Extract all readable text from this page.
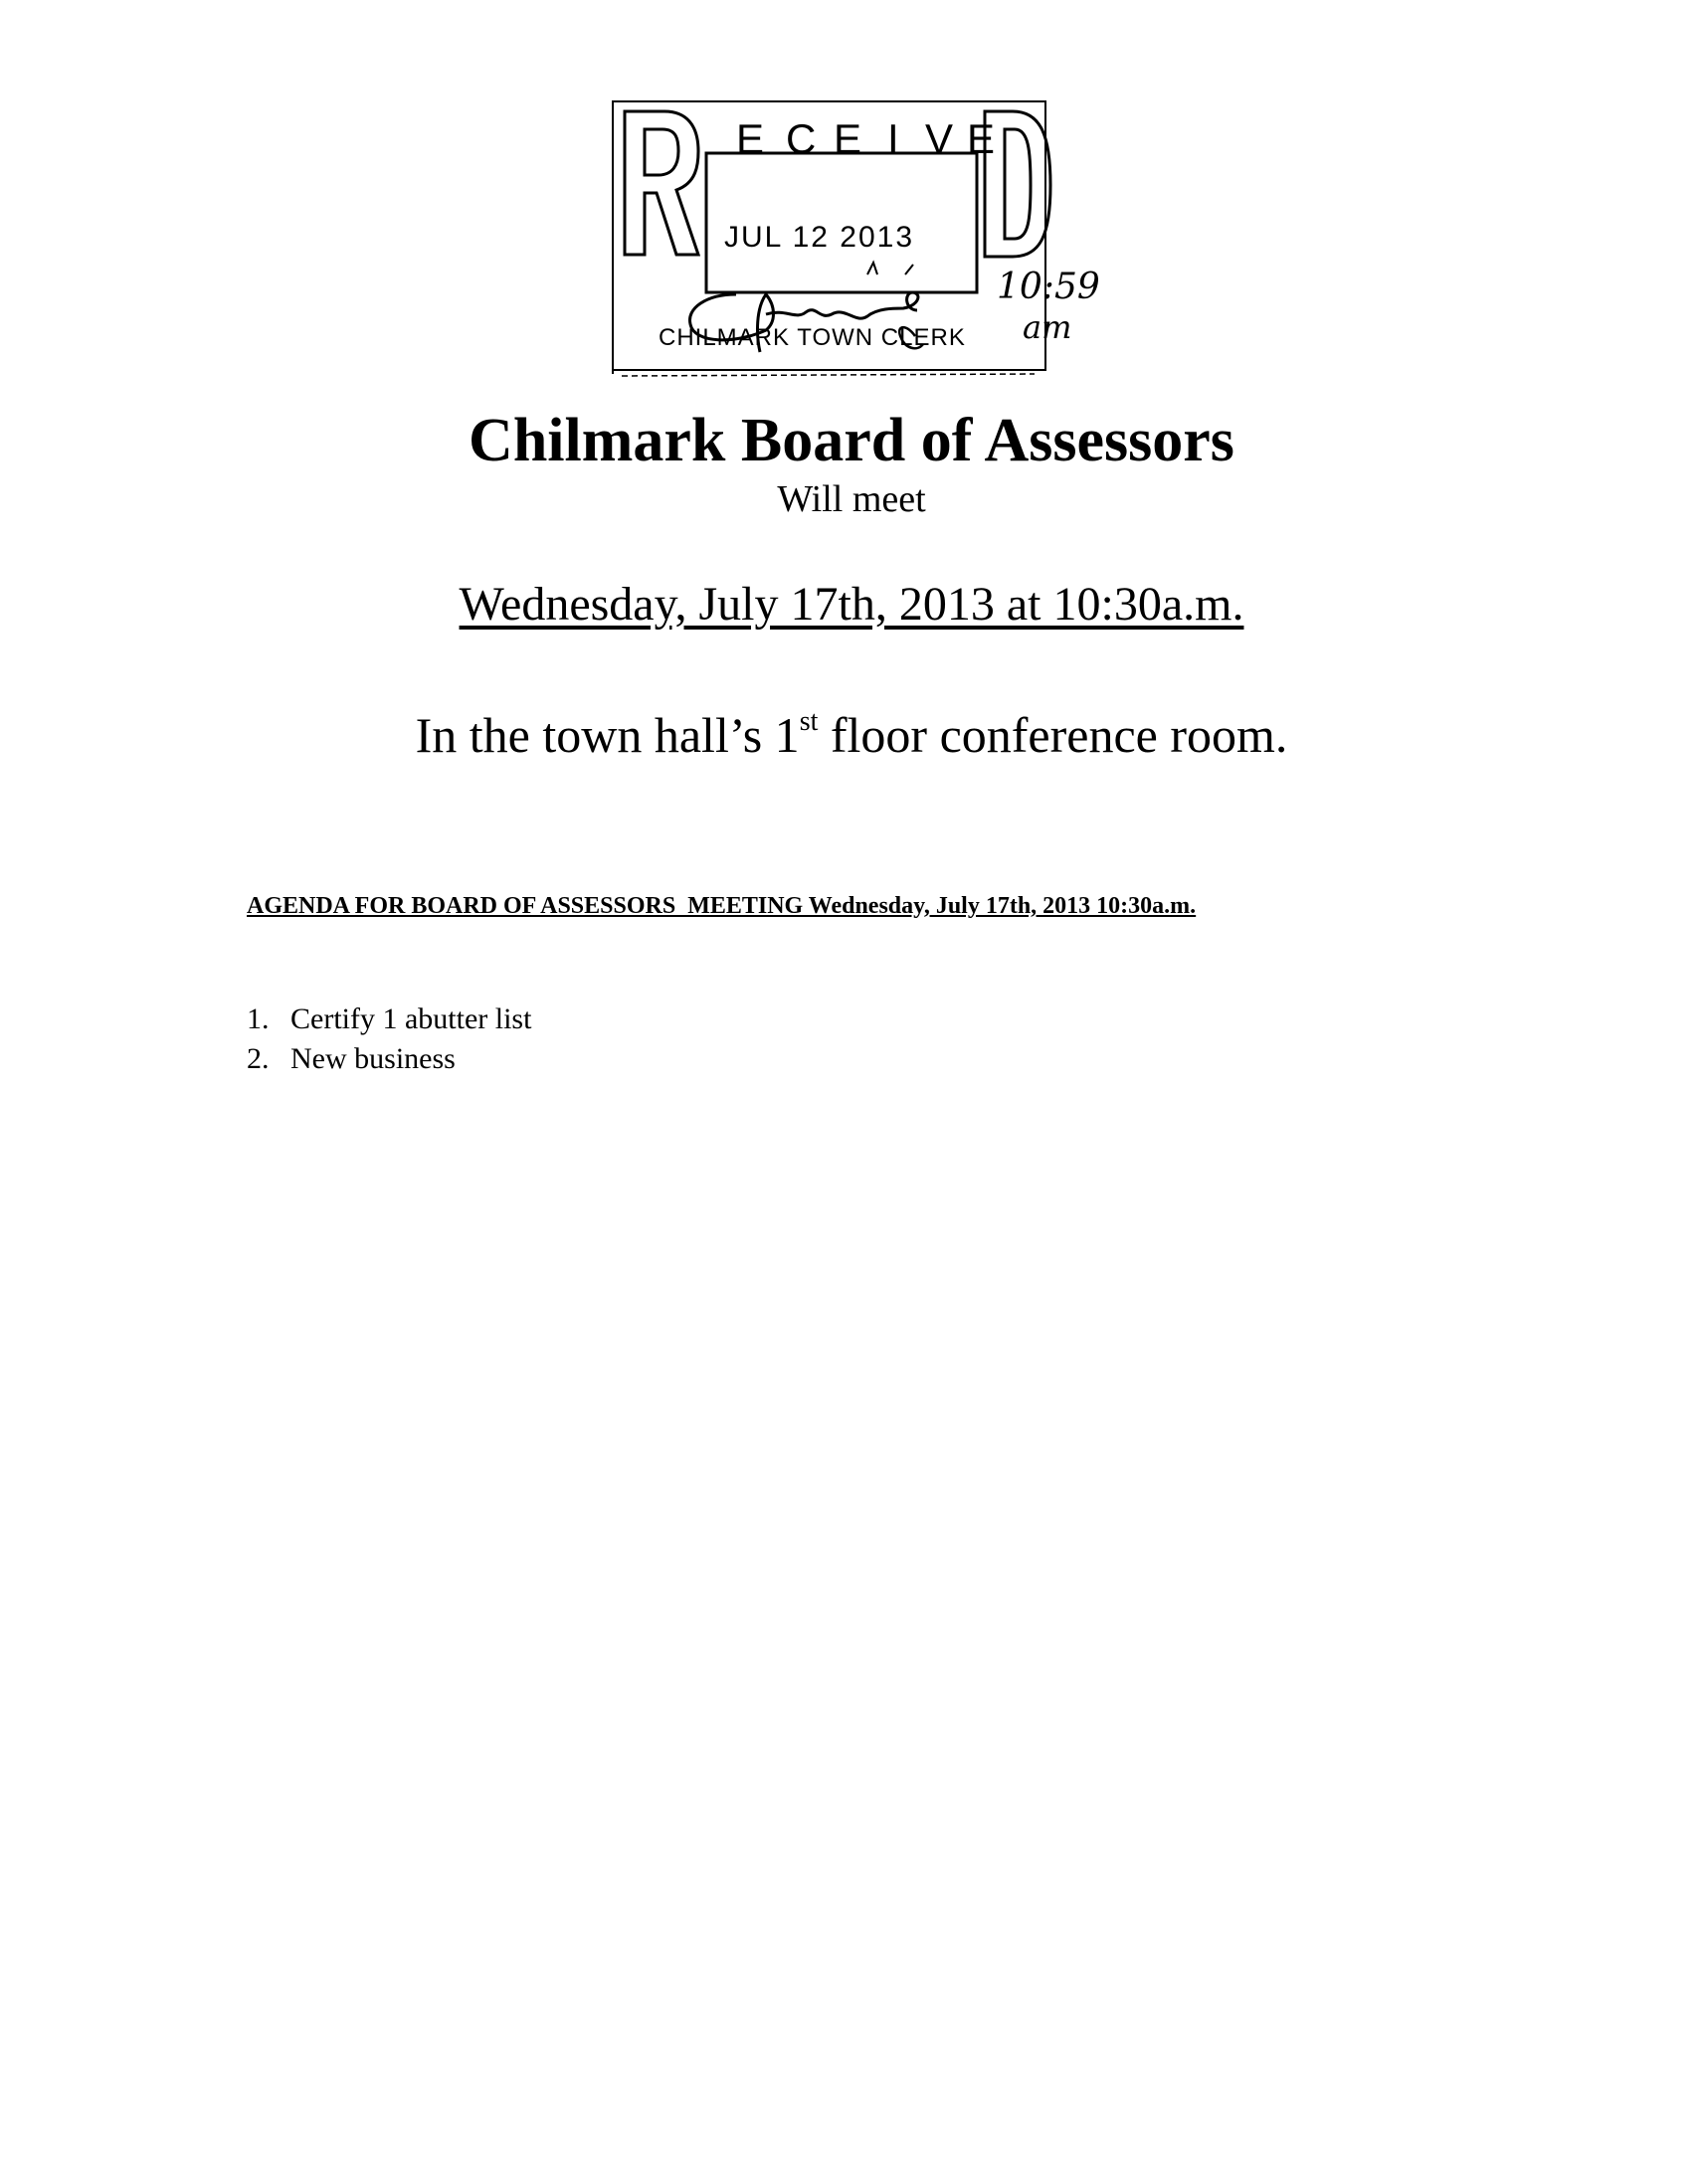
E C E I V E
JUL 12 2013
CHILMARK TOWN CLERK
10:59
am
Chilmark Board of Assessors
Will meet
Wednesday, July 17th, 2013 at 10:30a.m.
In the town hall’s 1st floor conference room.
AGENDA FOR BOARD OF ASSESSORS  MEETING Wednesday, July 17th, 2013 10:30a.m.
1. Certify 1 abutter list
2. New business
